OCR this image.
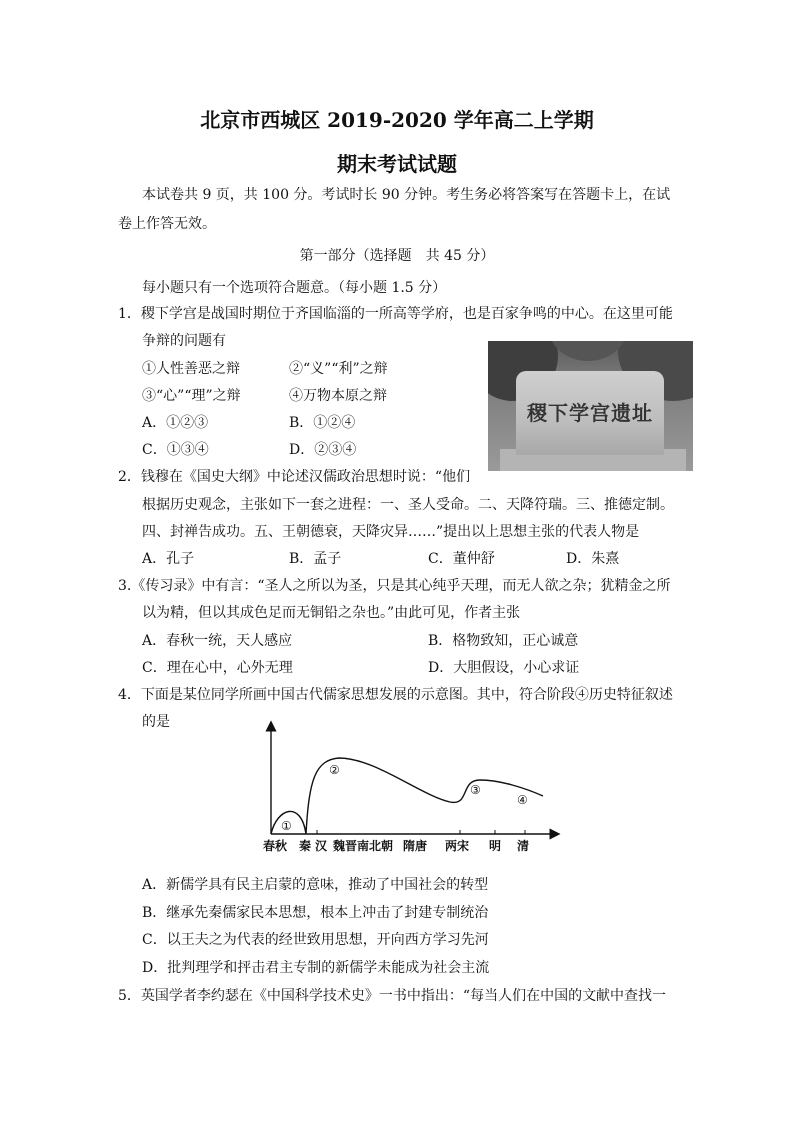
北京市西城区 2019-2020 学年高二上学期
期末考试试题
本试卷共 9 页，共 100 分。考试时长 90 分钟。考生务必将答案写在答题卡上，在试
卷上作答无效。
第一部分（选择题　共 45 分）
每小题只有一个选项符合题意。（每小题 1.5 分）
1．稷下学宫是战国时期位于齐国临淄的一所高等学府，也是百家争鸣的中心。在这里可能
争辩的问题有
①人性善恶之辩	②“义”“利”之辩
③“心”“理”之辩	④万物本原之辩
A．①②③	B．①②④
C．①③④	D．②③④
稷下学宫遗址
2．钱穆在《国史大纲》中论述汉儒政治思想时说：“他们
根据历史观念，主张如下一套之进程：一、圣人受命。二、天降符瑞。三、推德定制。
四、封禅告成功。五、王朝德衰，天降灾异……”提出以上思想主张的代表人物是
A．孔子	B．孟子	C．董仲舒	D．朱熹
3.《传习录》中有言：“圣人之所以为圣，只是其心纯乎天理，而无人欲之杂；犹精金之所
以为精，但以其成色足而无铜铅之杂也。”由此可见，作者主张
A．春秋一统，天人感应	B．格物致知，正心诚意
C．理在心中，心外无理	D．大胆假设，小心求证
4．下面是某位同学所画中国古代儒家思想发展的示意图。其中，符合阶段④历史特征叙述
的是
①
②
③
④
春秋 秦 汉 魏晋南北朝 隋唐 两宋 明 清
A．新儒学具有民主启蒙的意味，推动了中国社会的转型
B．继承先秦儒家民本思想，根本上冲击了封建专制统治
C．以王夫之为代表的经世致用思想，开向西方学习先河
D．批判理学和抨击君主专制的新儒学未能成为社会主流
5．英国学者李约瑟在《中国科学技术史》一书中指出：“每当人们在中国的文献中查找一
